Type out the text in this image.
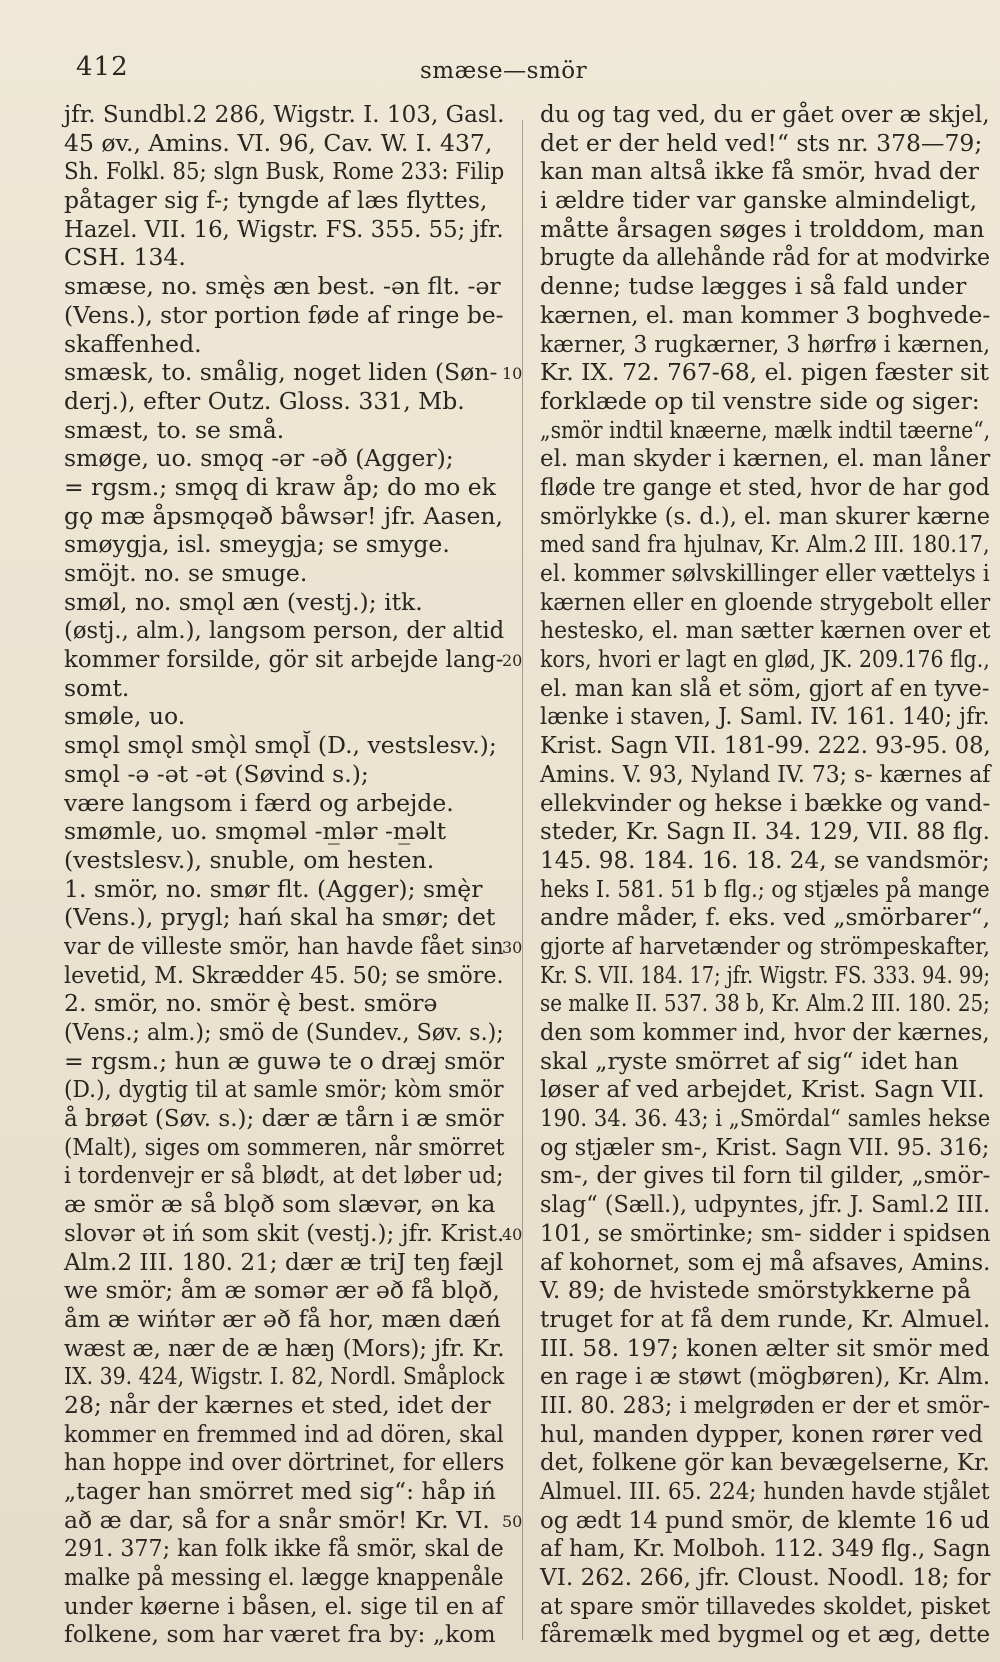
412	smæse—smör
jfr. Sundbl.2 286, Wigstr. I. 103, Gasl.
45 øv., Amins. VI. 96, Cav. W. I. 437,
Sh. Folkl. 85; slgn Busk, Rome 233: Filip
påtager sig f-; tyngde af læs flyttes,
Hazel. VII. 16, Wigstr. FS. 355. 55; jfr.
CSH. 134.
smæse, no. smę̀s æn best. -ən flt. -ər
(Vens.), stor portion føde af ringe be-
skaffenhed.
smæsk, to. smålig, noget liden (Søn-
derj.), efter Outz. Gloss. 331, Mb.
smæst, to. se små.
smøge, uo. smǫq -ər -əð (Agger);
= rgsm.; smǫq di kraw åp; do mo ek
gǫ mæ åpsmǫqəð båwsər! jfr. Aasen,
smøygja, isl. smeygja; se smyge.
smöjt. no. se smuge.
smøl, no. smǫl æn (vestj.); itk.
(østj., alm.), langsom person, der altid
kommer forsilde, gör sit arbejde lang-
somt.
smøle, uo.
smǫl smǫl smǫ̀l smǫl̆ (D., vestslesv.);
smǫl -ə -ət -ət (Søvind s.);
være langsom i færd og arbejde.
smømle, uo. smǫmǝl -m̲lər -m̲əlt
(vestslesv.), snuble, om hesten.
1. smör, no. smør flt. (Agger); smę̀r
(Vens.), prygl; hań skal ha smør; det
var de villeste smör, han havde fået sin
levetid, M. Skrædder 45. 50; se smöre.
2. smör, no. smör ę̀ best. smörə
(Vens.; alm.); smö de (Sundev., Søv. s.);
= rgsm.; hun æ guwə te o dræj smör
(D.), dygtig til at samle smör; kòm smör
å brøət (Søv. s.); dær æ tårn i æ smör
(Malt), siges om sommeren, når smörret
i tordenvejr er så blødt, at det løber ud;
æ smör æ så blǫð som slævər, ən ka
slovər ət iń som skit (vestj.); jfr. Krist.
Alm.2 III. 180. 21; dær æ triJ teŋ fæjl
we smör; åm æ somər ær əð få blǫð,
åm æ wińtər ær əð få hor, mæn dæń
wæst æ, nær de æ hæŋ (Mors); jfr. Kr.
IX. 39. 424, Wigstr. I. 82, Nordl. Småplock
28; når der kærnes et sted, idet der
kommer en fremmed ind ad dören, skal
han hoppe ind over dörtrinet, for ellers
„tager han smörret med sig“: håp iń
að æ dar, så for a snår smör! Kr. VI.
291. 377; kan folk ikke få smör, skal de
malke på messing el. lægge knappenåle
under køerne i båsen, el. sige til en af
folkene, som har været fra by: „kom
du og tag ved, du er gået over æ skjel,
det er der held ved!“ sts nr. 378—79;
kan man altså ikke få smör, hvad der
i ældre tider var ganske almindeligt,
måtte årsagen søges i trolddom, man
brugte da allehånde råd for at modvirke
denne; tudse lægges i så fald under
kærnen, el. man kommer 3 boghvede-
kærner, 3 rugkærner, 3 hørfrø i kærnen,
Kr. IX. 72. 767-68, el. pigen fæster sit
forklæde op til venstre side og siger:
„smör indtil knæerne, mælk indtil tæerne“,
el. man skyder i kærnen, el. man låner
fløde tre gange et sted, hvor de har god
smörlykke (s. d.), el. man skurer kærne
med sand fra hjulnav, Kr. Alm.2 III. 180.17,
el. kommer sølvskillinger eller vættelys i
kærnen eller en gloende strygebolt eller
hestesko, el. man sætter kærnen over et
kors, hvori er lagt en glød, JK. 209.176 flg.,
el. man kan slå et söm, gjort af en tyve-
lænke i staven, J. Saml. IV. 161. 140; jfr.
Krist. Sagn VII. 181-99. 222. 93-95. 08,
Amins. V. 93, Nyland IV. 73; s- kærnes af
ellekvinder og hekse i bække og vand-
steder, Kr. Sagn II. 34. 129, VII. 88 flg.
145. 98. 184. 16. 18. 24, se vandsmör;
heks I. 581. 51 b flg.; og stjæles på mange
andre måder, f. eks. ved „smörbarer“,
gjorte af harvetænder og strömpeskafter,
Kr. S. VII. 184. 17; jfr. Wigstr. FS. 333. 94. 99;
se malke II. 537. 38 b, Kr. Alm.2 III. 180. 25;
den som kommer ind, hvor der kærnes,
skal „ryste smörret af sig“ idet han
løser af ved arbejdet, Krist. Sagn VII.
190. 34. 36. 43; i „Smördal“ samles hekse
og stjæler sm-, Krist. Sagn VII. 95. 316;
sm-, der gives til forn til gilder, „smör-
slag“ (Sæll.), udpyntes, jfr. J. Saml.2 III.
101, se smörtinke; sm- sidder i spidsen
af kohornet, som ej må afsaves, Amins.
V. 89; de hvistede smörstykkerne på
truget for at få dem runde, Kr. Almuel.
III. 58. 197; konen ælter sit smör med
en rage i æ støwt (mögbøren), Kr. Alm.
III. 80. 283; i melgrøden er der et smör-
hul, manden dypper, konen rører ved
det, folkene gör kan bevægelserne, Kr.
Almuel. III. 65. 224; hunden havde stjålet
og ædt 14 pund smör, de klemte 16 ud
af ham, Kr. Molboh. 112. 349 flg., Sagn
VI. 262. 266, jfr. Cloust. Noodl. 18; for
at spare smör tillavedes skoldet, pisket
fåremælk med bygmel og et æg, dette
10
20
30
40
50
